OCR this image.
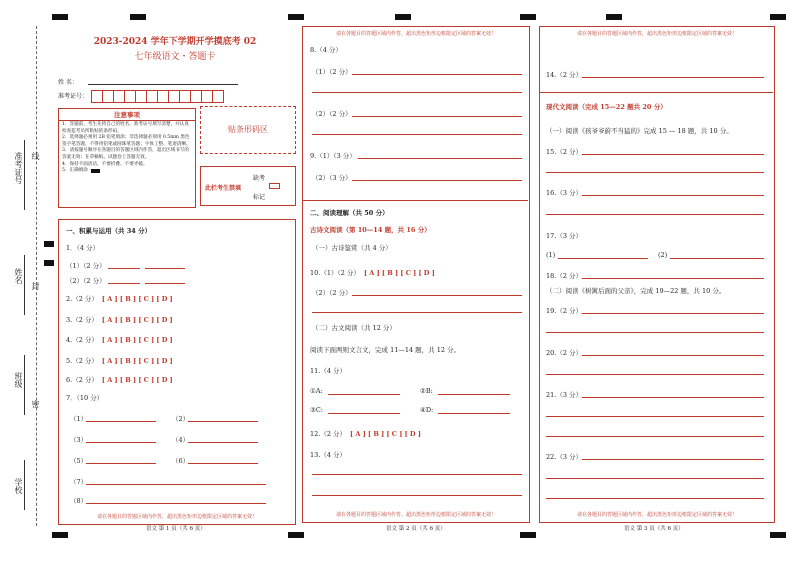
准考证号 线
姓名
封
班级
密
学校
2023-2024 学年下学期开学摸底考 02
七年级语文・答题卡
姓 名：
准考证号：
注意事项
1．答题前，考生先将自己的姓名，准考证号填写清楚，并认真检查监考员所粘贴的条形码。
2．选择题必须用 2B 铅笔填涂；非选择题必须用 0.5mm 黑色签字笔答题，不得用铅笔或圆珠笔答题；字体工整、笔迹清晰。
3．请按题号顺序在各题目的答题区域内作答，超出区域书写的答案无效；在草稿纸、试题卷上答题无效。
4．保持卡面清洁，不要折叠、不要弄破。
5．正确填涂
贴条形码区
缺考
此栏考生禁填
标记
一、积累与运用（共 34 分）
1．（4 分）
（1）（2 分）
（2）（2 分）
2.（2 分） [ A ] [ B ] [ C ] [ D ]
3.（2 分） [ A ] [ B ] [ C ] [ D ]
4.（2 分） [ A ] [ B ] [ C ] [ D ]
5.（2 分） [ A ] [ B ] [ C ] [ D ]
6.（2 分） [ A ] [ B ] [ C ] [ D ]
7．（10 分）
（1）	（2）
（3）	（4）
（5）	（6）
（7）
（8）
请在各题目的答题区域内作答，超出黑色矩形边框限定区域的答案无效！
语文 第 1 页（共 6 页）
请在各题目的答题区域内作答，超出黑色矩形边框限定区域的答案无效！
8.（4 分）
（1）（2 分）
（2）（2 分）
9.（1）（3 分）
（2）（3 分）
二、阅读理解（共 50 分）
古诗文阅读（第 10—14 题，共 16 分）
（一）古诗鉴赏（共 4 分）
10.（1）（2 分） [ A ] [ B ] [ C ] [ D ]
（2）（2 分）
（二）古文阅读（共 12 分）
阅读下面两则文言文，完成 11—14 题，共 12 分。
11.（4 分）
①A:	②B:
③C:	④D:
12.（2 分） [ A ] [ B ] [ C ] [ D ]
13.（4 分）
请在各题目的答题区域内作答，超出黑色矩形边框限定区域的答案无效！
语文 第 2 页（共 6 页）
请在各题目的答题区域内作答，超出黑色矩形边框限定区域的答案无效！
14.（2 分）
现代文阅读（完成 15—22 题共 20 分）
（一）阅读《孩爷爷蔚不当猛的》完成 15 — 18 题，共 10 分。
15.（2 分）
16.（3 分）
17.（3 分）
(1)	(2)
18.（2 分）
（二）阅读《树篱后面的父亲》，完成 19—22 题，共 10 分。
19.（2 分）
20.（2 分）
21.（3 分）
22.（3 分）
请在各题目的答题区域内作答，超出黑色矩形边框限定区域的答案无效！
语文 第 3 页（共 6 页）
